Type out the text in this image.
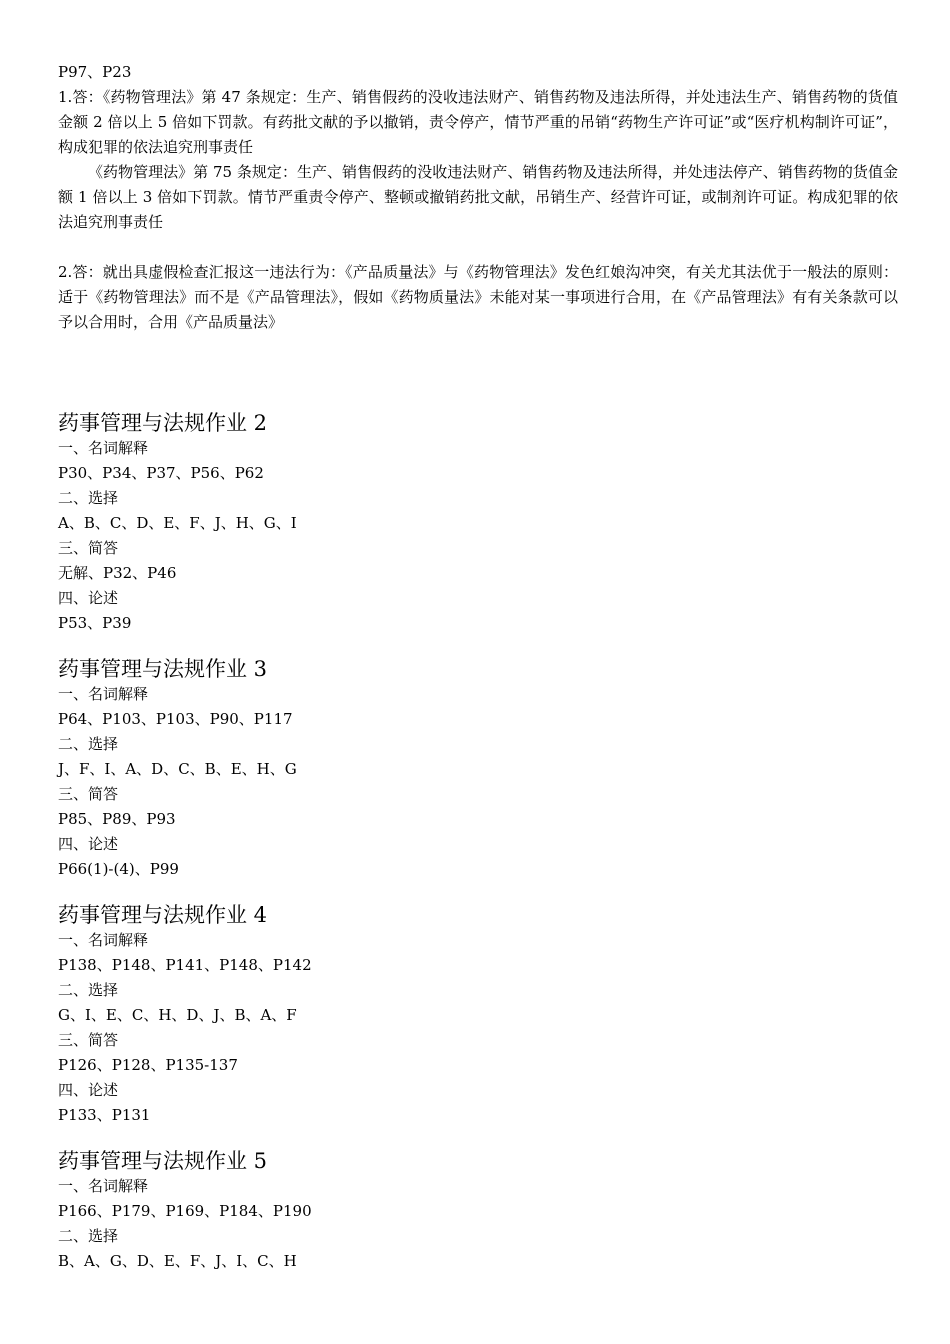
P97、P23

1.答：《药物管理法》第 47 条规定：生产、销售假药的没收违法财产、销售药物及违法所得，并处违法生产、销售药物的货值金额 2 倍以上 5 倍如下罚款。有药批文献的予以撤销，责令停产，情节严重的吊销“药物生产许可证”或“医疗机构制许可证”，构成犯罪的依法追究刑事责任

《药物管理法》第 75 条规定：生产、销售假药的没收违法财产、销售药物及违法所得，并处违法停产、销售药物的货值金额 1 倍以上 3 倍如下罚款。情节严重责令停产、整顿或撤销药批文献，吊销生产、经营许可证，或制剂许可证。构成犯罪的依法追究刑事责任

2.答：就出具虚假检查汇报这一违法行为：《产品质量法》与《药物管理法》发色红娘沟冲突，有关尤其法优于一般法的原则：适于《药物管理法》而不是《产品管理法》，假如《药物质量法》未能对某一事项进行合用，在《产品管理法》有有关条款可以予以合用时，合用《产品质量法》

药事管理与法规作业 2

一、名词解释

P30、P34、P37、P56、P62

二、选择

A、B、C、D、E、F、J、H、G、I

三、简答

无解、P32、P46

四、论述

P53、P39

药事管理与法规作业 3

一、名词解释

P64、P103、P103、P90、P117

二、选择

J、F、I、A、D、C、B、E、H、G

三、简答

P85、P89、P93

四、论述

P66(1)-(4)、P99

药事管理与法规作业 4

一、名词解释

P138、P148、P141、P148、P142

二、选择

G、I、E、C、H、D、J、B、A、F

三、简答

P126、P128、P135-137

四、论述

P133、P131

药事管理与法规作业 5

一、名词解释

P166、P179、P169、P184、P190

二、选择

B、A、G、D、E、F、J、I、C、H
